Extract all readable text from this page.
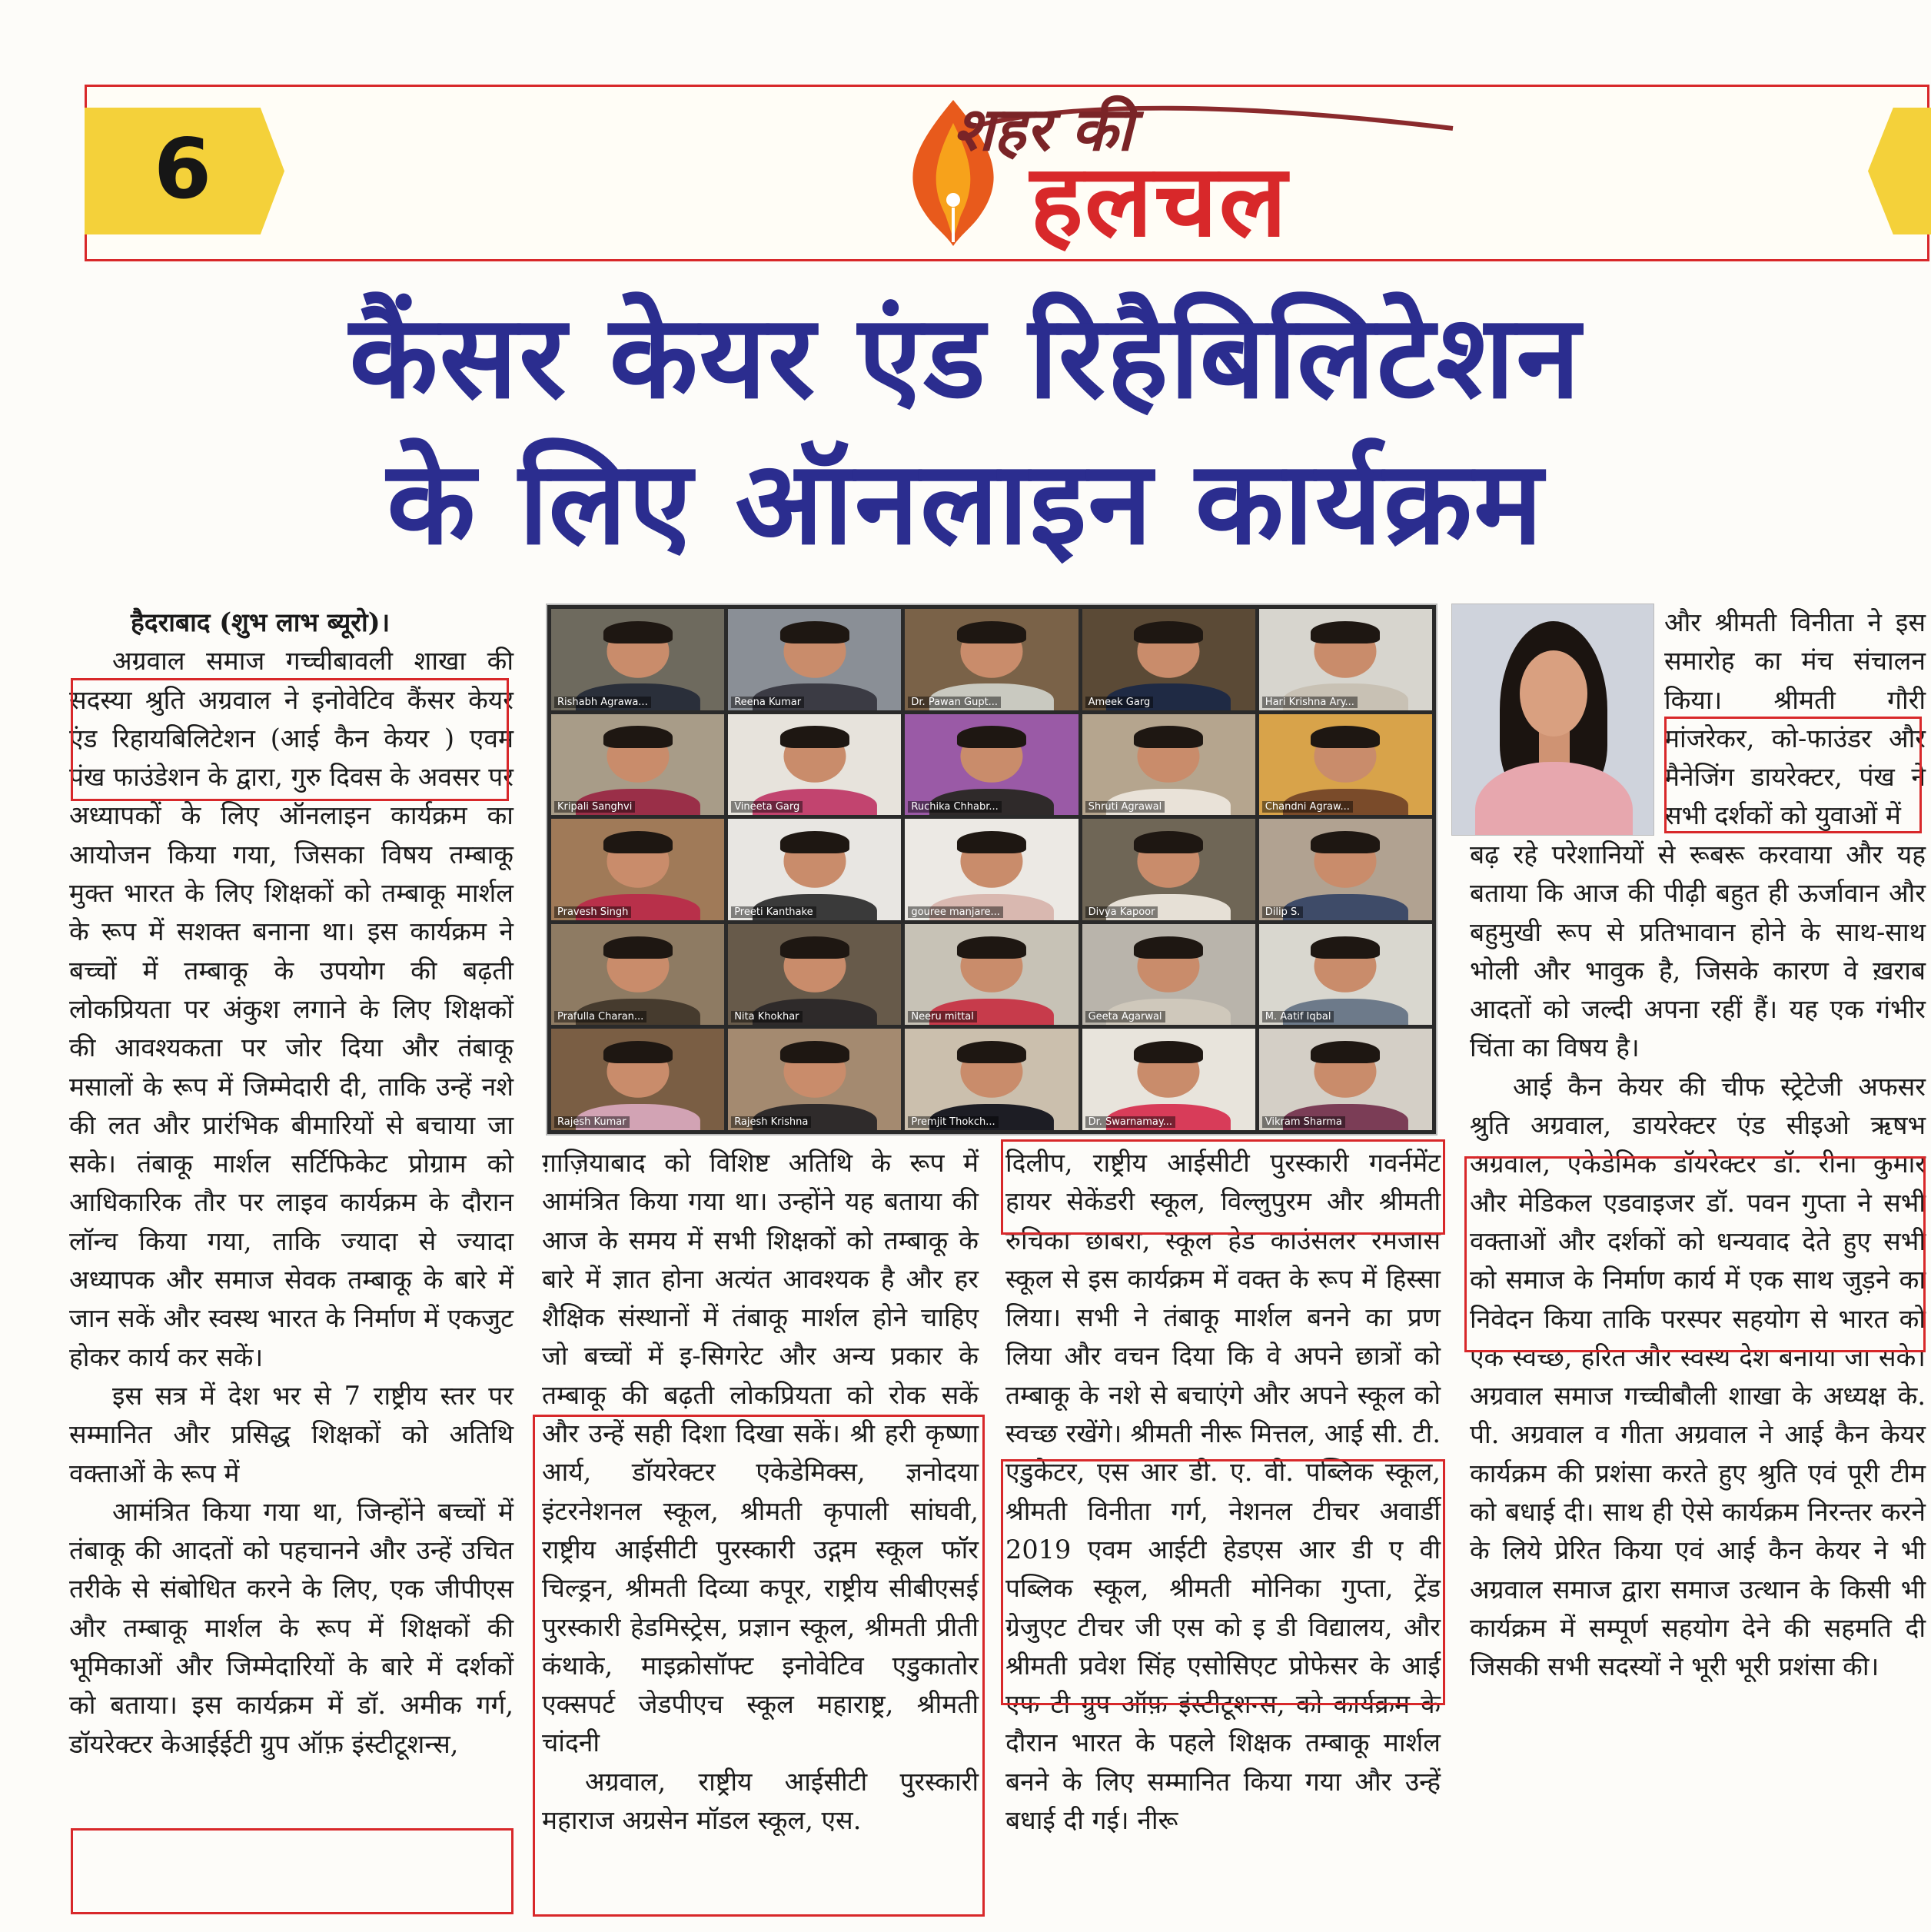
6	शहर की
हलचल
कैंसर केयर एंड रिहैबिलिटेशन
के लिए ऑनलाइन कार्यक्रम

हैदराबाद (शुभ लाभ ब्यूरो)।

अग्रवाल समाज गच्चीबावली शाखा की सदस्या श्रुति अग्रवाल ने इनोवेटिव कैंसर केयर एंड रिहायबिलिटेशन (आई कैन केयर ) एवम पंख फाउंडेशन के द्वारा, गुरु दिवस के अवसर पर अध्यापकों के लिए ऑनलाइन कार्यक्रम का आयोजन किया गया, जिसका विषय तम्बाकू मुक्त भारत के लिए शिक्षकों को तम्बाकू मार्शल के रूप में सशक्त बनाना था। इस कार्यक्रम ने बच्चों में तम्बाकू के उपयोग की बढ़ती लोकप्रियता पर अंकुश लगाने के लिए शिक्षकों की आवश्यकता पर जोर दिया और तंबाकू मसालों के रूप में जिम्मेदारी दी, ताकि उन्हें नशे की लत और प्रारंभिक बीमारियों से बचाया जा सके। तंबाकू मार्शल सर्टिफिकेट प्रोग्राम को आधिकारिक तौर पर लाइव कार्यक्रम के दौरान लॉन्च किया गया, ताकि ज्यादा से ज्यादा अध्यापक और समाज सेवक तम्बाकू के बारे में जान सकें और स्वस्थ भारत के निर्माण में एकजुट होकर कार्य कर सकें।

इस सत्र में देश भर से 7 राष्ट्रीय स्तर पर सम्मानित और प्रसिद्ध शिक्षकों को अतिथि वक्ताओं के रूप में

आमंत्रित किया गया था, जिन्होंने बच्चों में तंबाकू की आदतों को पहचानने और उन्हें उचित तरीके से संबोधित करने के लिए, एक जीपीएस और तम्बाकू मार्शल के रूप में शिक्षकों की भूमिकाओं और जिम्मेदारियों के बारे में दर्शकों को बताया। इस कार्यक्रम में डॉ. अमीक गर्ग, डॉयरेक्टर केआईईटी ग्रुप ऑफ़ इंस्टीटूशन्स,

Rishabh Agrawa...	Reena Kumar	Dr. Pawan Gupt...	Ameek Garg	Hari Krishna Ary...
Kripali Sanghvi	Vineeta Garg	Ruchika Chhabr...	Shruti Agrawal	Chandni Agraw...
Pravesh Singh	Preeti Kanthake	gouree manjare...	Divya Kapoor	Dilip S.
Prafulla Charan...	Nita Khokhar	Neeru mittal	Geeta Agarwal	M. Aatif Iqbal
Rajesh Kumar	Rajesh Krishna	Premjit Thokch...	Dr. Swarnamay...	Vikram Sharma

ग़ाज़ियाबाद को विशिष्ट अतिथि के रूप में आमंत्रित किया गया था। उन्होंने यह बताया की आज के समय में सभी शिक्षकों को तम्बाकू के बारे में ज्ञात होना अत्यंत आवश्यक है और हर शैक्षिक संस्थानों में तंबाकू मार्शल होने चाहिए जो बच्चों में इ-सिगरेट और अन्य प्रकार के तम्बाकू की बढ़ती लोकप्रियता को रोक सकें और उन्हें सही दिशा दिखा सकें। श्री हरी कृष्णा आर्य, डॉयरेक्टर एकेडेमिक्स, ज्ञनोदया इंटरनेशनल स्कूल, श्रीमती कृपाली सांघवी, राष्ट्रीय आईसीटी पुरस्कारी उद्गम स्कूल फॉर चिल्ड्रन, श्रीमती दिव्या कपूर, राष्ट्रीय सीबीएसई पुरस्कारी हेडमिस्ट्रेस, प्रज्ञान स्कूल, श्रीमती प्रीती कंथाके, माइक्रोसॉफ्ट इनोवेटिव एडुकातोर एक्सपर्ट जेडपीएच स्कूल महाराष्ट्र, श्रीमती चांदनी

अग्रवाल, राष्ट्रीय आईसीटी पुरस्कारी महाराज अग्रसेन मॉडल स्कूल, एस.

दिलीप, राष्ट्रीय आईसीटी पुरस्कारी गवर्नमेंट हायर सेकेंडरी स्कूल, विल्लुपुरम और श्रीमती रुचिका छाबरा, स्कूल हेड काउंसलर रमजास स्कूल से इस कार्यक्रम में वक्त के रूप में हिस्सा लिया। सभी ने तंबाकू मार्शल बनने का प्रण लिया और वचन दिया कि वे अपने छात्रों को तम्बाकू के नशे से बचाएंगे और अपने स्कूल को स्वच्छ रखेंगे। श्रीमती नीरू मित्तल, आई सी. टी. एडुकेटर, एस आर डी. ए. वी. पब्लिक स्कूल, श्रीमती विनीता गर्ग, नेशनल टीचर अवार्डी 2019 एवम आईटी हेडएस आर डी ए वी पब्लिक स्कूल, श्रीमती मोनिका गुप्ता, ट्रेंड ग्रेजुएट टीचर जी एस को इ डी विद्यालय, और श्रीमती प्रवेश सिंह एसोसिएट प्रोफेसर के आई एफ टी ग्रुप ऑफ़ इंस्टीटूशन्स, को कार्यक्रम के दौरान भारत के पहले शिक्षक तम्बाकू मार्शल बनने के लिए सम्मानित किया गया और उन्हें बधाई दी गई। नीरू

और श्रीमती विनीता ने इस समारोह का मंच संचालन किया। श्रीमती गौरी मांजरेकर, को-फाउंडर और मैनेजिंग डायरेक्टर, पंख ने सभी दर्शकों को युवाओं में

बढ़ रहे परेशानियों से रूबरू करवाया और यह बताया कि आज की पीढ़ी बहुत ही ऊर्जावान और बहुमुखी रूप से प्रतिभावान होने के साथ-साथ भोली और भावुक है, जिसके कारण वे ख़राब आदतों को जल्दी अपना रहीं हैं। यह एक गंभीर चिंता का विषय है।

आई कैन केयर की चीफ स्ट्रेटेजी अफसर श्रुति अग्रवाल, डायरेक्टर एंड सीइओ ऋषभ अग्रवाल, एकेडेमिक डॉयरेक्टर डॉ. रीना कुमार और मेडिकल एडवाइजर डॉ. पवन गुप्ता ने सभी वक्ताओं और दर्शकों को धन्यवाद देते हुए सभी को समाज के निर्माण कार्य में एक साथ जुड़ने का निवेदन किया ताकि परस्पर सहयोग से भारत को एक स्वच्छ, हरित और स्वस्थ देश बनाया जा सके। अग्रवाल समाज गच्चीबौली शाखा के अध्यक्ष के. पी. अग्रवाल व गीता अग्रवाल ने आई कैन केयर कार्यक्रम की प्रशंसा करते हुए श्रुति एवं पूरी टीम को बधाई दी। साथ ही ऐसे कार्यक्रम निरन्तर करने के लिये प्रेरित किया एवं आई कैन केयर ने भी अग्रवाल समाज द्वारा समाज उत्थान के किसी भी कार्यक्रम में सम्पूर्ण सहयोग देने की सहमति दी जिसकी सभी सदस्यों ने भूरी भूरी प्रशंसा की।
